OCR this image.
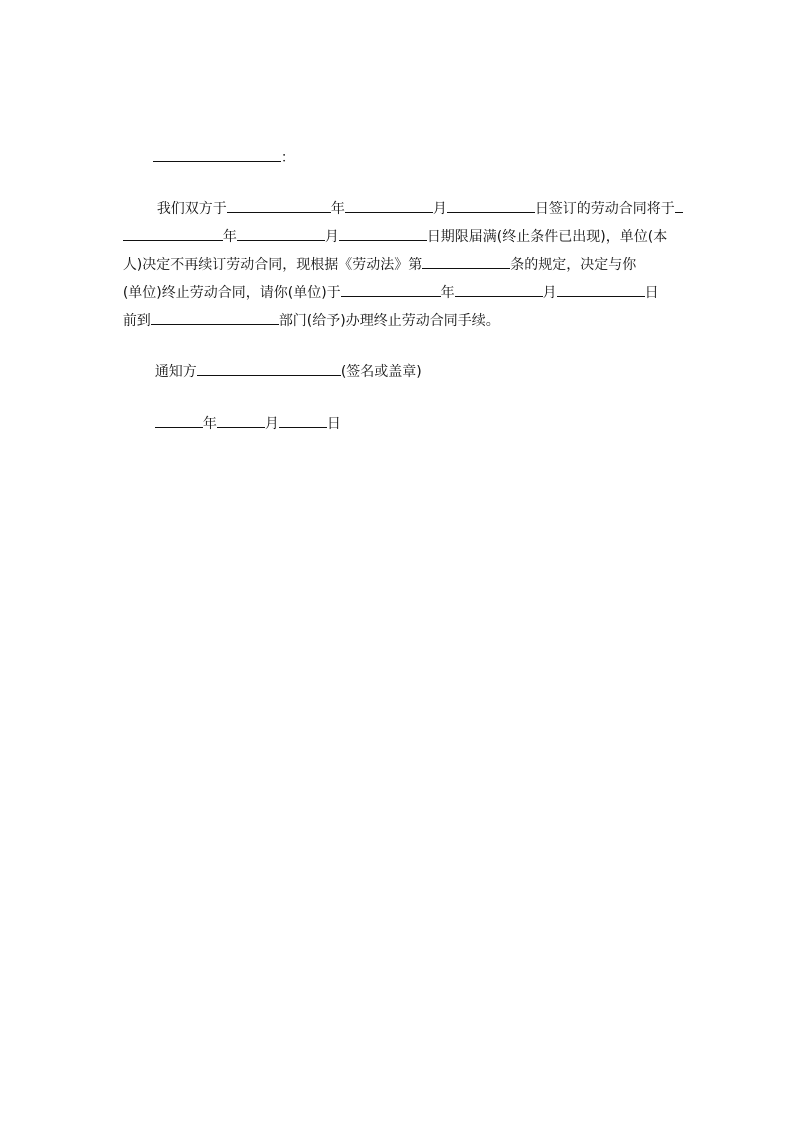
：

我们双方于	年	月	日签订的劳动合同将于

年	月	日期限届满(终止条件已出现)，单位(本

人)决定不再续订劳动合同，现根据《劳动法》第	条的规定，决定与你

(单位)终止劳动合同，请你(单位)于	年	月	日

前到	部门(给予)办理终止劳动合同手续。

通知方	(签名或盖章)

年	月	日
